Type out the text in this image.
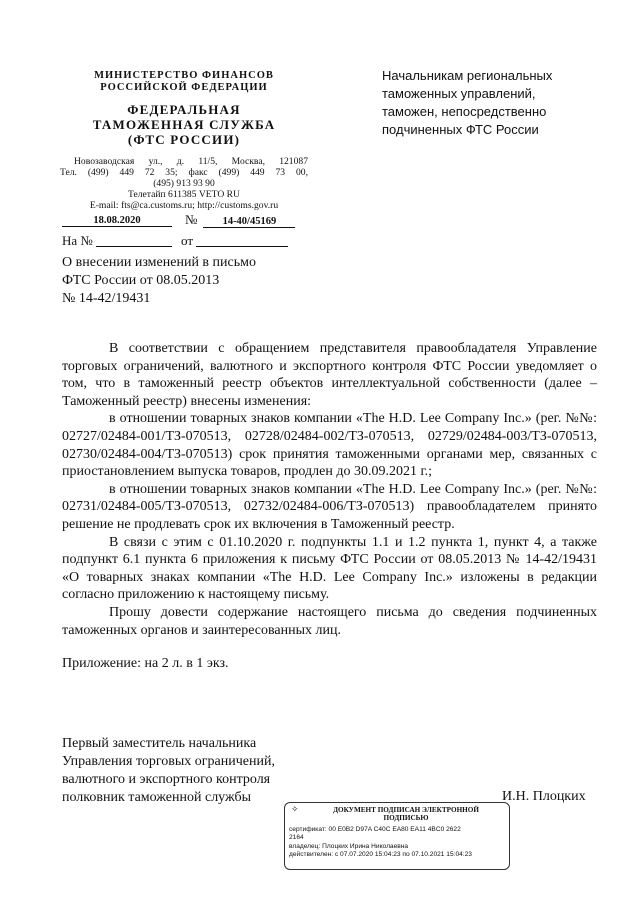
МИНИСТЕРСТВО ФИНАНСОВ
РОССИЙСКОЙ ФЕДЕРАЦИИ
ФЕДЕРАЛЬНАЯ
ТАМОЖЕННАЯ СЛУЖБА
(ФТС РОССИИ)
Новозаводская ул., д. 11/5, Москва, 121087
Тел. (499) 449 72 35; факс (499) 449 73 00,
(495) 913 93 90
Телетайп 611385 VETO RU
E-mail: fts@ca.customs.ru; http://customs.gov.ru
Начальникам региональных
таможенных управлений,
таможен, непосредственно
подчиненных ФТС России
18.08.2020	№ 14-40/45169
На №	от
О внесении изменений в письмо
ФТС России от 08.05.2013
№ 14-42/19431

В соответствии с обращением представителя правообладателя Управление торговых ограничений, валютного и экспортного контроля ФТС России уведомляет о том, что в таможенный реестр объектов интеллектуальной собственности (далее – Таможенный реестр) внесены изменения:

в отношении товарных знаков компании «The H.D. Lee Company Inc.» (рег. №№: 02727/02484-001/ТЗ-070513, 02728/02484-002/ТЗ-070513, 02729/02484-003/ТЗ-070513, 02730/02484-004/ТЗ-070513) срок принятия таможенными органами мер, связанных с приостановлением выпуска товаров, продлен до 30.09.2021 г.;

в отношении товарных знаков компании «The H.D. Lee Company Inc.» (рег. №№: 02731/02484-005/ТЗ-070513, 02732/02484-006/ТЗ-070513) правообладателем принято решение не продлевать срок их включения в Таможенный реестр.

В связи с этим с 01.10.2020 г. подпункты 1.1 и 1.2 пункта 1, пункт 4, а также подпункт 6.1 пункта 6 приложения к письму ФТС России от 08.05.2013 № 14-42/19431 «О товарных знаках компании «The H.D. Lee Company Inc.» изложены в редакции согласно приложению к настоящему письму.

Прошу довести содержание настоящего письма до сведения подчиненных таможенных органов и заинтересованных лиц.

Приложение: на 2 л. в 1 экз.

Первый заместитель начальника
Управления торговых ограничений,
валютного и экспортного контроля
полковник таможенной службы	И.Н. Плоцких
✧	ДОКУМЕНТ ПОДПИСАН ЭЛЕКТРОННОЙ
ПОДПИСЬЮ
сертификат: 00 E0B2 D97A C40C EA80 EA11 4BC0 2622
2164
владелец: Плоцких Ирина Николаевна
действителен: с 07.07.2020 15:04:23 по 07.10.2021 15:04:23
